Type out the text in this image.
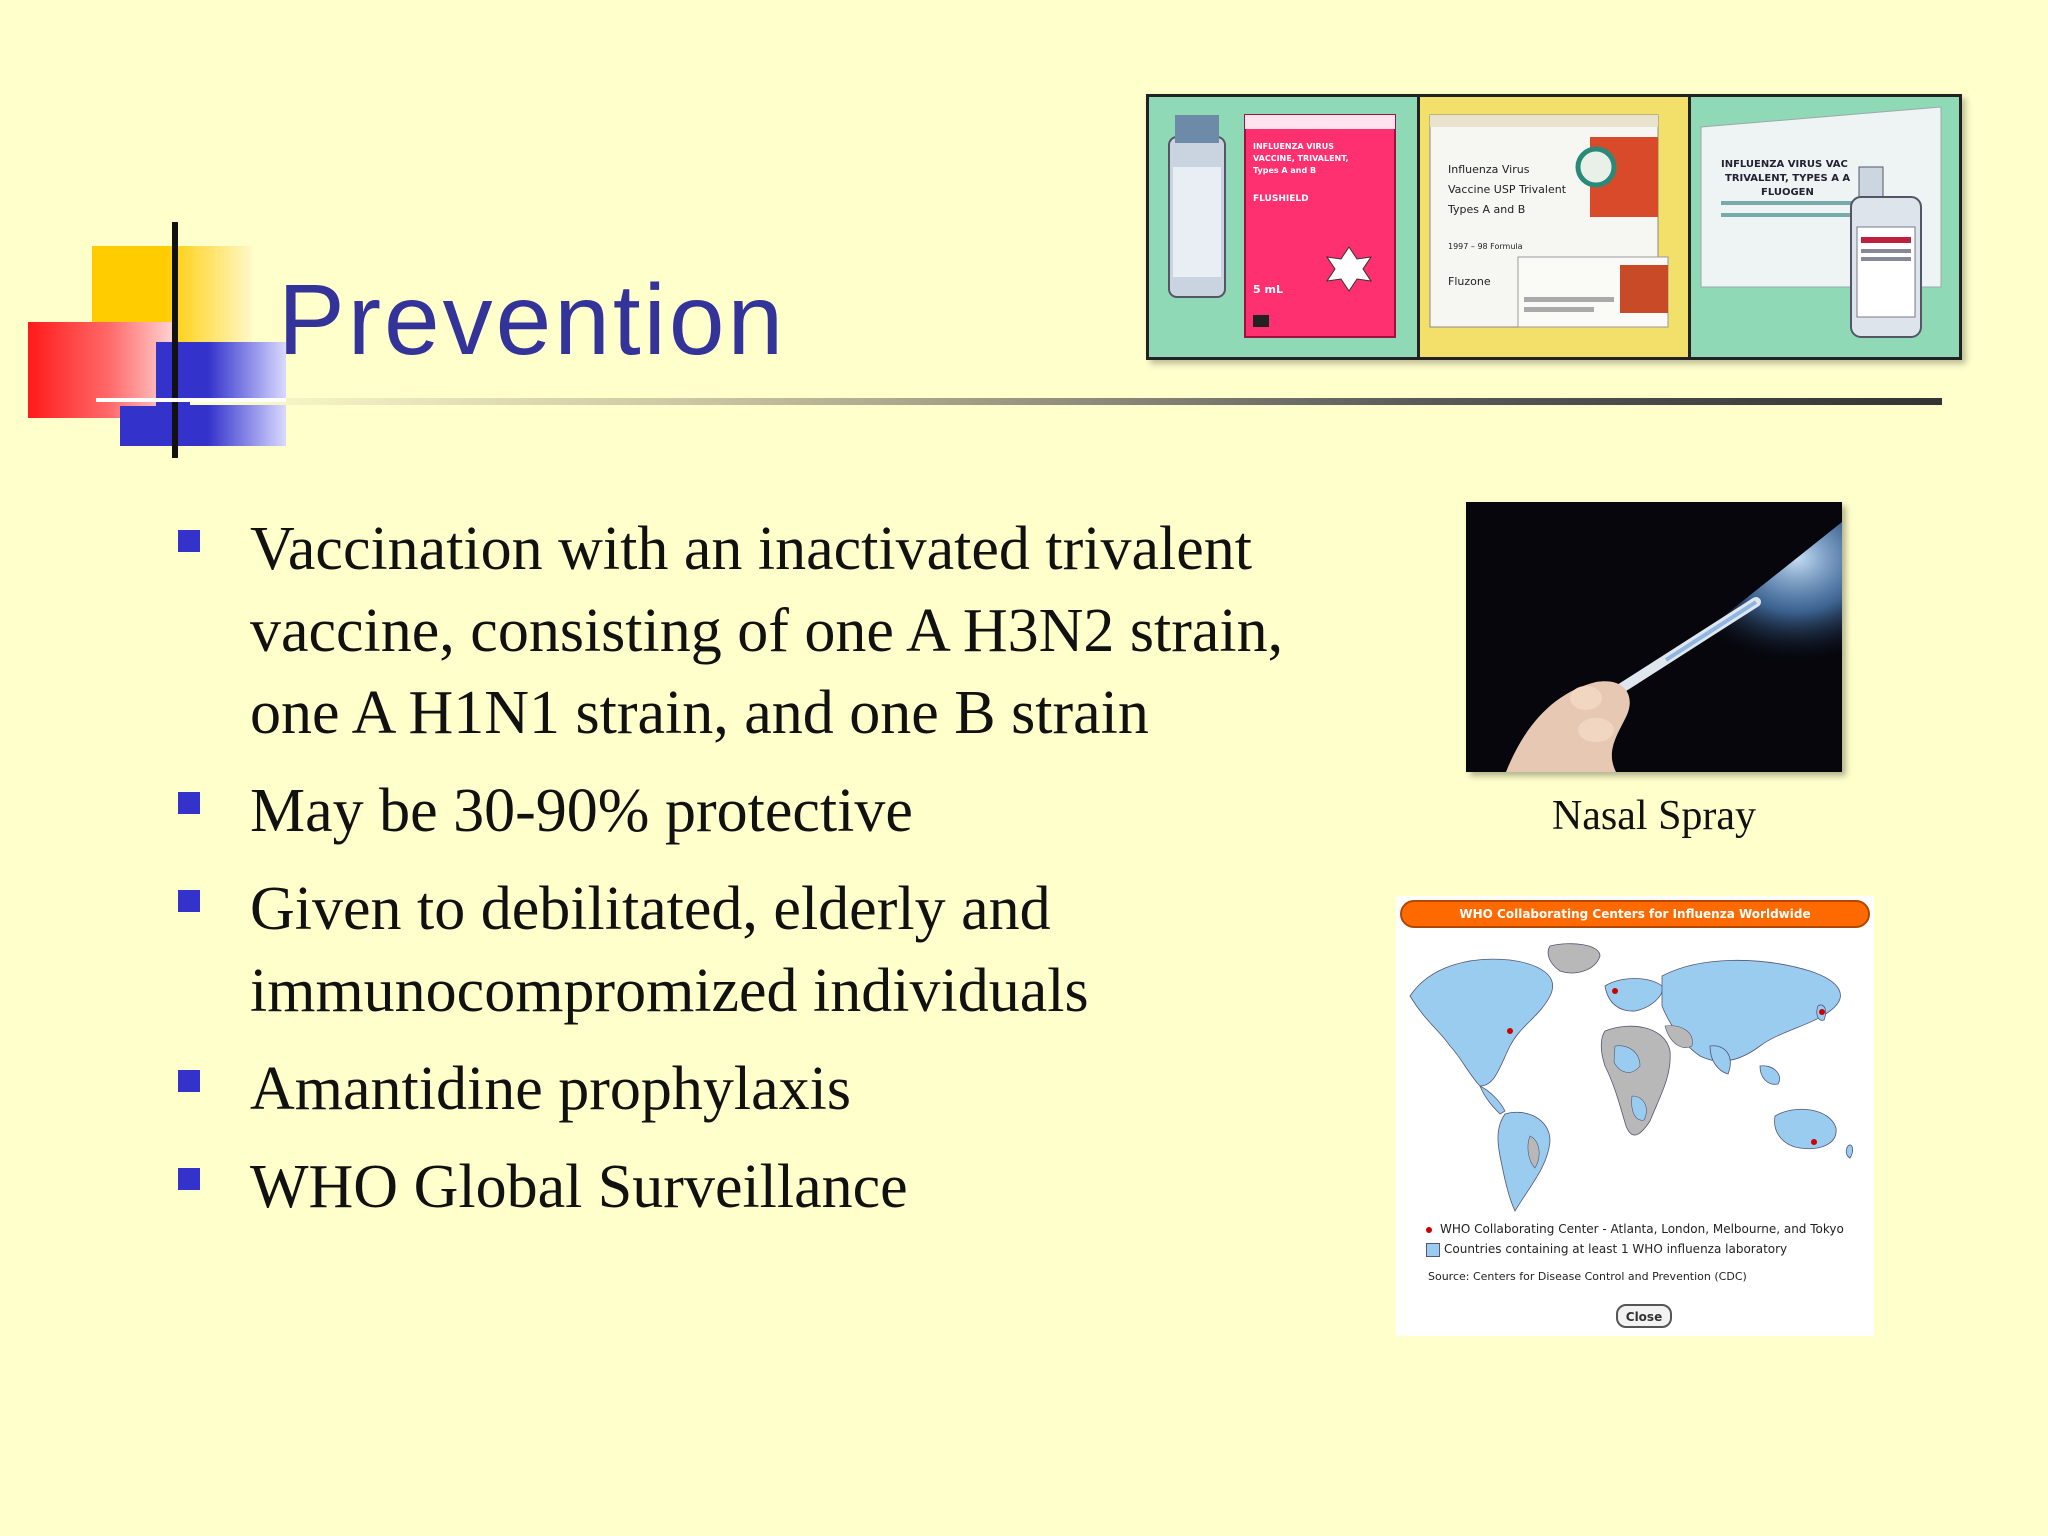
Prevention
INFLUENZA VIRUS
VACCINE, TRIVALENT,
Types A and B
FLUSHIELD
5 mL
Influenza Virus
Vaccine USP Trivalent
Types A and B
1997 – 98 Formula
Fluzone
INFLUENZA VIRUS VAC
TRIVALENT, TYPES A A
FLUOGEN
Vaccination with an inactivated trivalent vaccine, consisting of one A H3N2 strain, one A H1N1 strain, and one B strain
May be 30-90% protective
Given to debilitated, elderly and immunocompromized individuals
Amantidine prophylaxis
WHO Global Surveillance
Nasal Spray
WHO Collaborating Centers for Influenza Worldwide
WHO Collaborating Center - Atlanta, London, Melbourne, and Tokyo
Countries containing at least 1 WHO influenza laboratory
Source: Centers for Disease Control and Prevention (CDC)
Close
